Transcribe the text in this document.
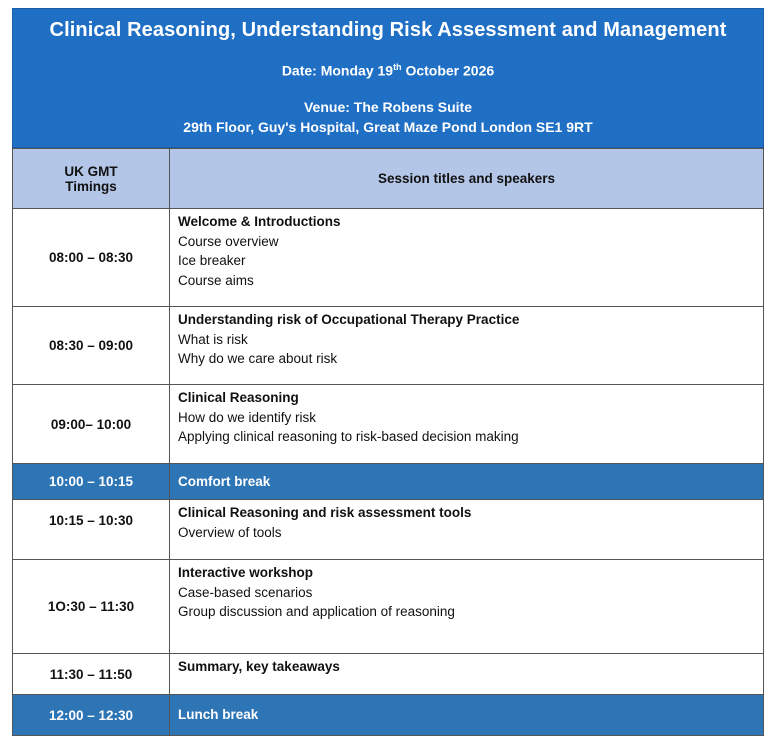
Clinical Reasoning, Understanding Risk Assessment and Management
Date: Monday 19th October 2026
Venue: The Robens Suite
29th Floor, Guy's Hospital, Great Maze Pond London SE1 9RT
UK GMT
Timings	Session titles and speakers
08:00 – 08:30	Welcome & Introductions
Course overview
Ice breaker
Course aims

08:30 – 09:00	Understanding risk of Occupational Therapy Practice
What is risk
Why do we care about risk

09:00– 10:00	Clinical Reasoning
How do we identify risk
Applying clinical reasoning to risk-based decision making

10:00 – 10:15	Comfort break
10:15 – 10:30	Clinical Reasoning and risk assessment tools
Overview of tools

1O:30 – 11:30	Interactive workshop
Case-based scenarios
Group discussion and application of reasoning

11:30 – 11:50	Summary, key takeaways

12:00 – 12:30	Lunch break
